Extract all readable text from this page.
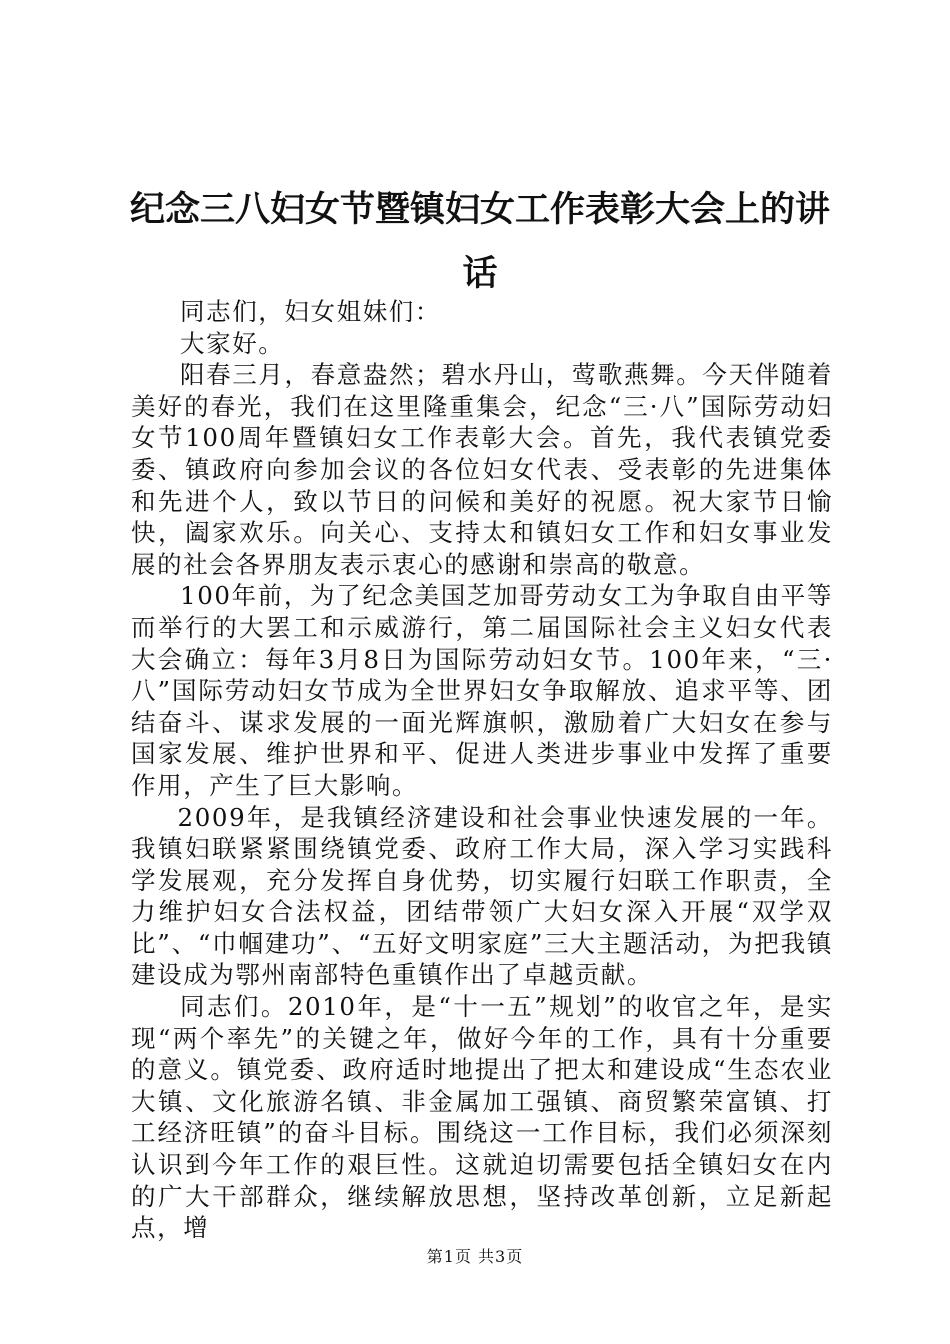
纪念三八妇女节暨镇妇女工作表彰大会上的讲话

同志们，妇女姐妹们：

大家好。

阳春三月，春意盎然；碧水丹山，莺歌燕舞。今天伴随着美好的春光，我们在这里隆重集会，纪念“三·八”国际劳动妇女节100周年暨镇妇女工作表彰大会。首先，我代表镇党委委、镇政府向参加会议的各位妇女代表、受表彰的先进集体和先进个人，致以节日的问候和美好的祝愿。祝大家节日愉快，阖家欢乐。向关心、支持太和镇妇女工作和妇女事业发展的社会各界朋友表示衷心的感谢和崇高的敬意。

100年前，为了纪念美国芝加哥劳动女工为争取自由平等而举行的大罢工和示威游行，第二届国际社会主义妇女代表大会确立：每年3月8日为国际劳动妇女节。100年来，“三·八”国际劳动妇女节成为全世界妇女争取解放、追求平等、团结奋斗、谋求发展的一面光辉旗帜，激励着广大妇女在参与国家发展、维护世界和平、促进人类进步事业中发挥了重要作用，产生了巨大影响。

2009年，是我镇经济建设和社会事业快速发展的一年。我镇妇联紧紧围绕镇党委、政府工作大局，深入学习实践科学发展观，充分发挥自身优势，切实履行妇联工作职责，全力维护妇女合法权益，团结带领广大妇女深入开展“双学双比”、“巾帼建功”、“五好文明家庭”三大主题活动，为把我镇建设成为鄂州南部特色重镇作出了卓越贡献。

同志们。2010年，是“十一五”规划”的收官之年，是实现“两个率先”的关键之年，做好今年的工作，具有十分重要的意义。镇党委、政府适时地提出了把太和建设成“生态农业大镇、文化旅游名镇、非金属加工强镇、商贸繁荣富镇、打工经济旺镇”的奋斗目标。围绕这一工作目标，我们必须深刻认识到今年工作的艰巨性。这就迫切需要包括全镇妇女在内的广大干部群众，继续解放思想，坚持改革创新，立足新起点，增

第1页 共3页
